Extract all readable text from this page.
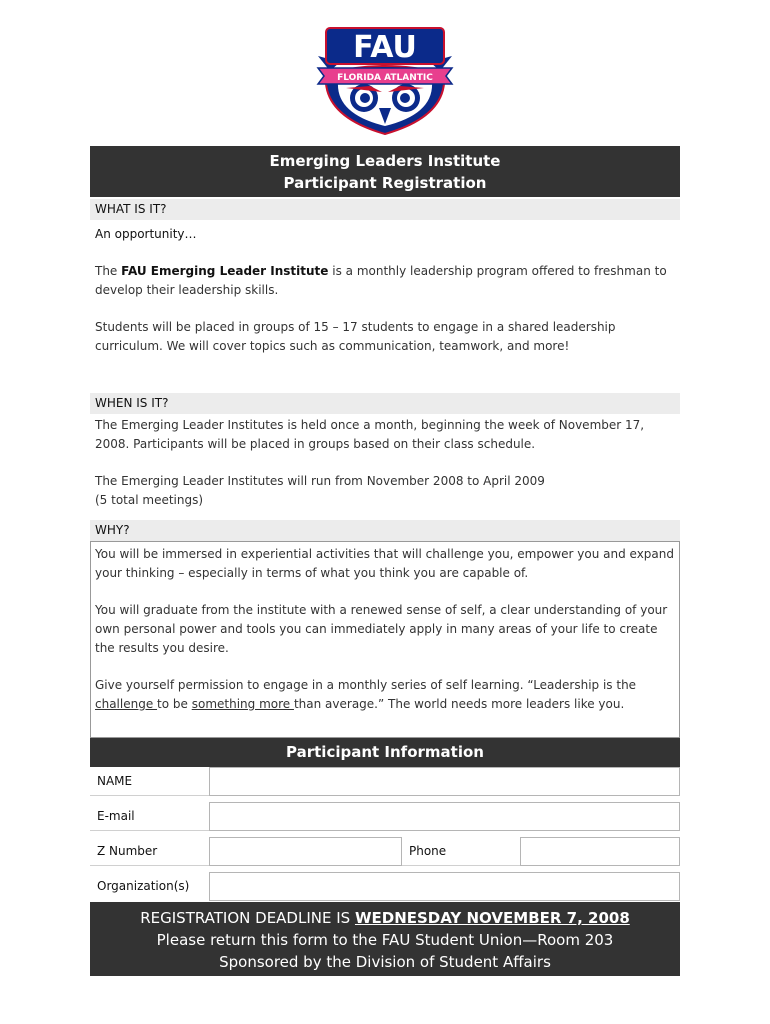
FAU
FLORIDA ATLANTIC
Emerging Leaders Institute
Participant Registration
WHAT IS IT?

An opportunity…

The FAU Emerging Leader Institute is a monthly leadership program offered to freshman to develop their leadership skills.

Students will be placed in groups of 15 – 17 students to engage in a shared leadership curriculum. We will cover topics such as communication, teamwork, and more!

WHEN IS IT?

The Emerging Leader Institutes is held once a month, beginning the week of November 17, 2008. Participants will be placed in groups based on their class schedule.

The Emerging Leader Institutes will run from November 2008 to April 2009
(5 total meetings)

WHY?

You will be immersed in experiential activities that will challenge you, empower you and expand your thinking – especially in terms of what you think you are capable of.

You will graduate from the institute with a renewed sense of self, a clear understanding of your own personal power and tools you can immediately apply in many areas of your life to create the results you desire.

Give yourself permission to engage in a monthly series of self learning. “Leadership is the challenge to be something more than average.” The world needs more leaders like you.

Participant Information
NAME
E-mail
Z Number	Phone
Organization(s)
REGISTRATION DEADLINE IS WEDNESDAY NOVEMBER 7, 2008
Please return this form to the FAU Student Union—Room 203
Sponsored by the Division of Student Affairs
